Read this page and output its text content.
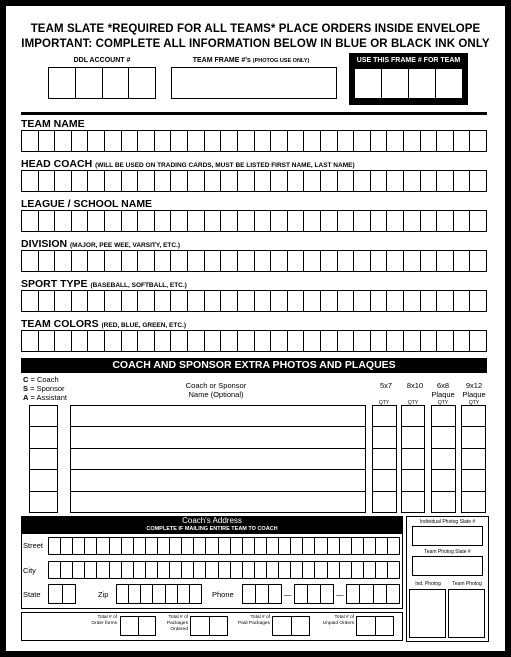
TEAM SLATE *REQUIRED FOR ALL TEAMS* PLACE ORDERS INSIDE ENVELOPE
IMPORTANT: COMPLETE ALL INFORMATION BELOW IN BLUE OR BLACK INK ONLY
DDL ACCOUNT #	TEAM FRAME #'s (PHOTOG USE ONLY)	USE THIS FRAME # FOR TEAM
TEAM NAME
HEAD COACH (WILL BE USED ON TRADING CARDS, MUST BE LISTED FIRST NAME, LAST NAME)
LEAGUE / SCHOOL NAME
DIVISION (MAJOR, PEE WEE, VARSITY, ETC.)
SPORT TYPE (BASEBALL, SOFTBALL, ETC.)
TEAM COLORS (RED, BLUE, GREEN, ETC.)
COACH AND SPONSOR EXTRA PHOTOS AND PLAQUES
C = Coach
S = Sponsor
A = Assistant
Coach or Sponsor
Name (Optional)
5x7	8x10	6x8
Plaque
9x12
Plaque
QTY	QTY	QTY	QTY
Coach's Address
COMPLETE IF MAILING ENTIRE TEAM TO COACH
Street
City
State	Zip	Phone	—	—
Total # of
Order forms
Total # of
Packages
Ordered
Total # of
Paid Packages
Total # of
Unpaid Orders
Individual Photog Slate #
Team Photog Slate #
Ind. Photog	Team Photog
